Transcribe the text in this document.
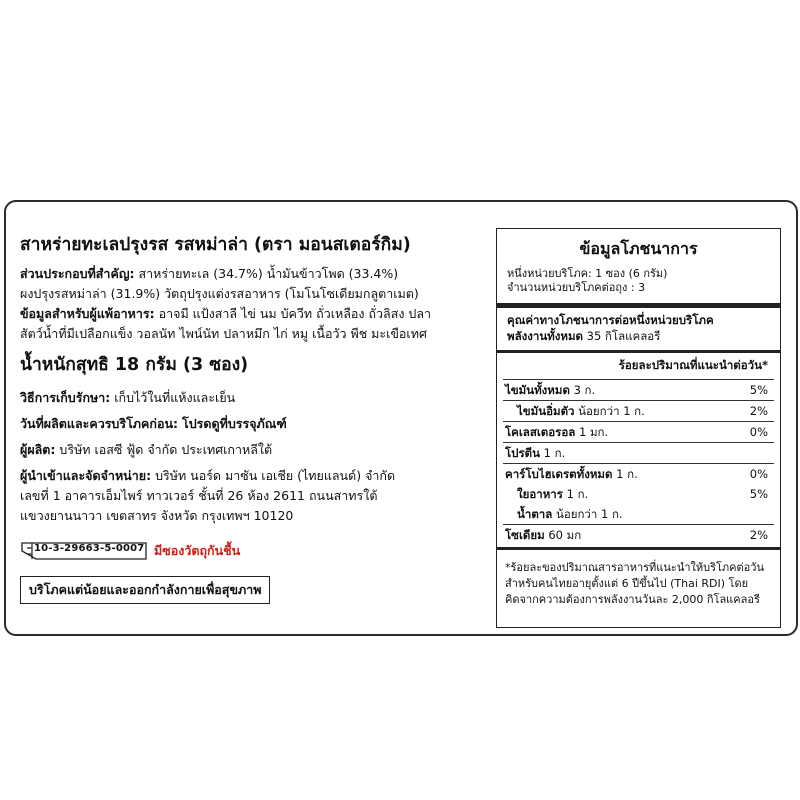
สาหร่ายทะเลปรุงรส รสหม่าล่า (ตรา มอนสเตอร์กิม)
ส่วนประกอบที่สำคัญ: สาหร่ายทะเล (34.7%) น้ำมันข้าวโพด (33.4%)
ผงปรุงรสหม่าล่า (31.9%) วัตถุปรุงแต่งรสอาหาร (โมโนโซเดียมกลูตาเมต)
ข้อมูลสำหรับผู้แพ้อาหาร: อาจมี แป้งสาลี ไข่ นม บัควีท ถั่วเหลือง ถั่วลิสง ปลา
สัตว์น้ำที่มีเปลือกแข็ง วอลนัท ไพน์นัท ปลาหมึก ไก่ หมู เนื้อวัว พีช มะเขือเทศ
น้ำหนักสุทธิ 18 กรัม (3 ซอง)
วิธีการเก็บรักษา: เก็บไว้ในที่แห้งและเย็น
วันที่ผลิตและควรบริโภคก่อน: โปรดดูที่บรรจุภัณฑ์
ผู้ผลิต: บริษัท เอสซี ฟู้ด จำกัด ประเทศเกาหลีใต้
ผู้นำเข้าและจัดจำหน่าย: บริษัท นอร์ด มาซัน เอเชีย (ไทยแลนด์) จำกัด
เลขที่ 1 อาคารเอ็มไพร์ ทาวเวอร์ ชั้นที่ 26 ห้อง 2611 ถนนสาทรใต้
แขวงยานนาวา เขตสาทร จังหวัด กรุงเทพฯ 10120
10-3-29663-5-0007 มีซองวัตถุกันชื้น
บริโภคแต่น้อยและออกกำลังกายเพื่อสุขภาพ
ข้อมูลโภชนาการ
หนึ่งหน่วยบริโภค: 1 ซอง (6 กรัม)
จำนวนหน่วยบริโภคต่อถุง : 3
คุณค่าทางโภชนาการต่อหนึ่งหน่วยบริโภค
พลังงานทั้งหมด 35 กิโลแคลอรี
ร้อยละปริมาณที่แนะนำต่อวัน*
ไขมันทั้งหมด 3 ก.	5%
ไขมันอิ่มตัว น้อยกว่า 1 ก.	2%
โคเลสเตอรอล 1 มก.	0%
โปรตีน 1 ก.
คาร์โบไฮเดรตทั้งหมด 1 ก.	0%
ใยอาหาร 1 ก.	5%
น้ำตาล น้อยกว่า 1 ก.
โซเดียม 60 มก	2%
*ร้อยละของปริมาณสารอาหารที่แนะนำให้บริโภคต่อวัน
สำหรับคนไทยอายุตั้งแต่ 6 ปีขึ้นไป (Thai RDI) โดย
คิดจากความต้องการพลังงานวันละ 2,000 กิโลแคลอรี
